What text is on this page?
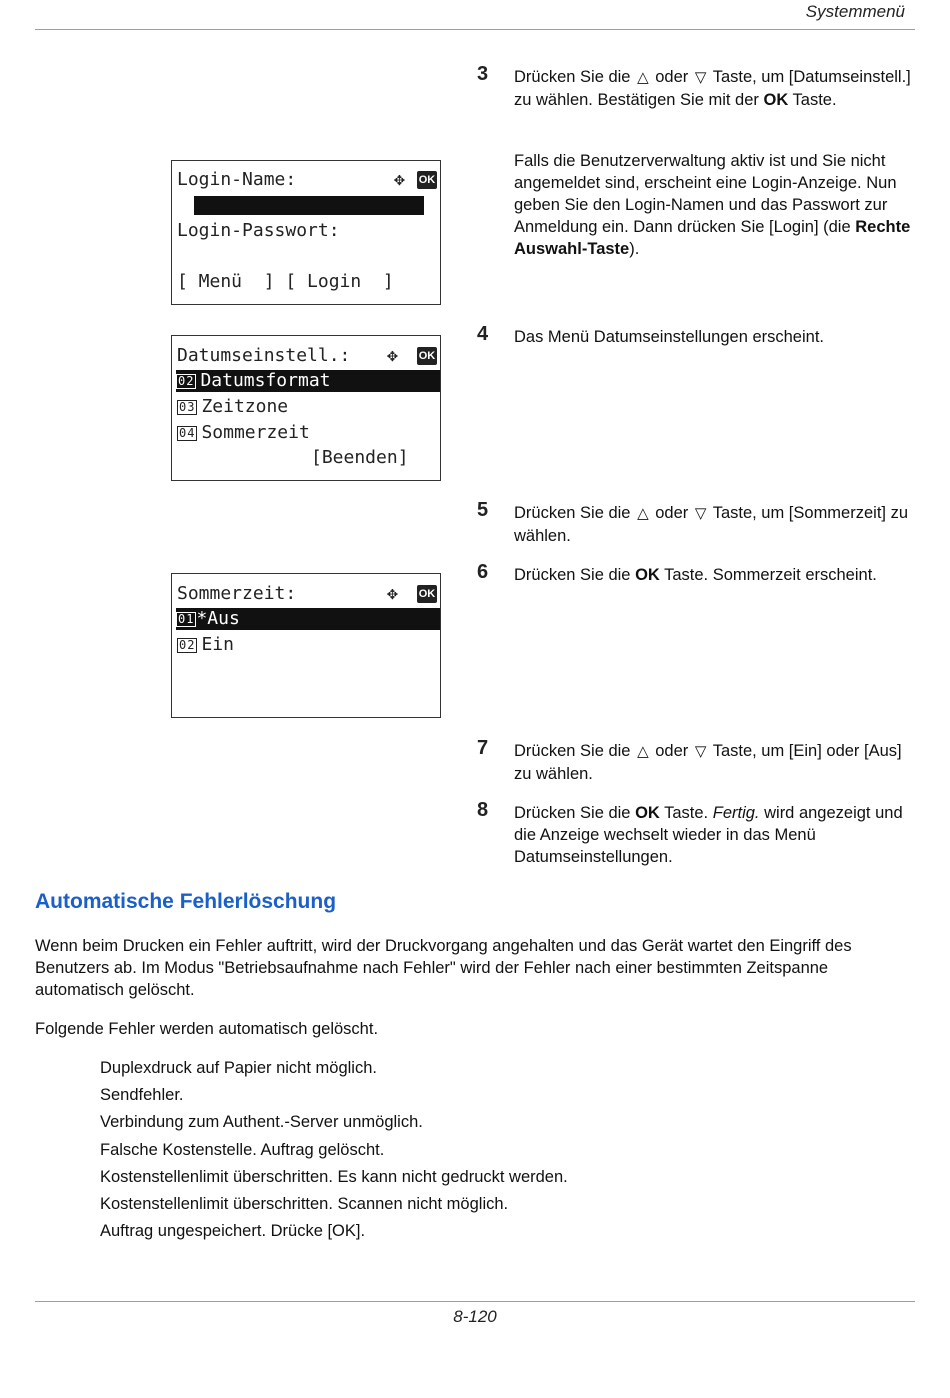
Systemmenü
3 Drücken Sie die △ oder ▽ Taste, um [Datumseinstell.] zu wählen. Bestätigen Sie mit der OK Taste.
Falls die Benutzerverwaltung aktiv ist und Sie nicht angemeldet sind, erscheint eine Login-Anzeige. Nun geben Sie den Login-Namen und das Passwort zur Anmeldung ein. Dann drücken Sie [Login] (die Rechte Auswahl-Taste).
Login-Name:	✥ OK
Login-Passwort:
[ Menü  ] [ Login  ]
4 Das Menü Datumseinstellungen erscheint.
Datumseinstell.: ✥ OK
02 Datumsformat
03 Zeitzone
04 Sommerzeit
[Beenden]
5 Drücken Sie die △ oder ▽ Taste, um [Sommerzeit] zu wählen.
6 Drücken Sie die OK Taste. Sommerzeit erscheint.
Sommerzeit:	✥ OK
01 *Aus
02 Ein
7 Drücken Sie die △ oder ▽ Taste, um [Ein] oder [Aus] zu wählen.
8 Drücken Sie die OK Taste. Fertig. wird angezeigt und die Anzeige wechselt wieder in das Menü Datumseinstellungen.
Automatische Fehlerlöschung
Wenn beim Drucken ein Fehler auftritt, wird der Druckvorgang angehalten und das Gerät wartet den Eingriff des Benutzers ab. Im Modus "Betriebsaufnahme nach Fehler" wird der Fehler nach einer bestimmten Zeitspanne automatisch gelöscht.
Folgende Fehler werden automatisch gelöscht.
Duplexdruck auf Papier nicht möglich.
Sendfehler.
Verbindung zum Authent.-Server unmöglich.
Falsche Kostenstelle. Auftrag gelöscht.
Kostenstellenlimit überschritten. Es kann nicht gedruckt werden.
Kostenstellenlimit überschritten. Scannen nicht möglich.
Auftrag ungespeichert. Drücke [OK].
8-120
